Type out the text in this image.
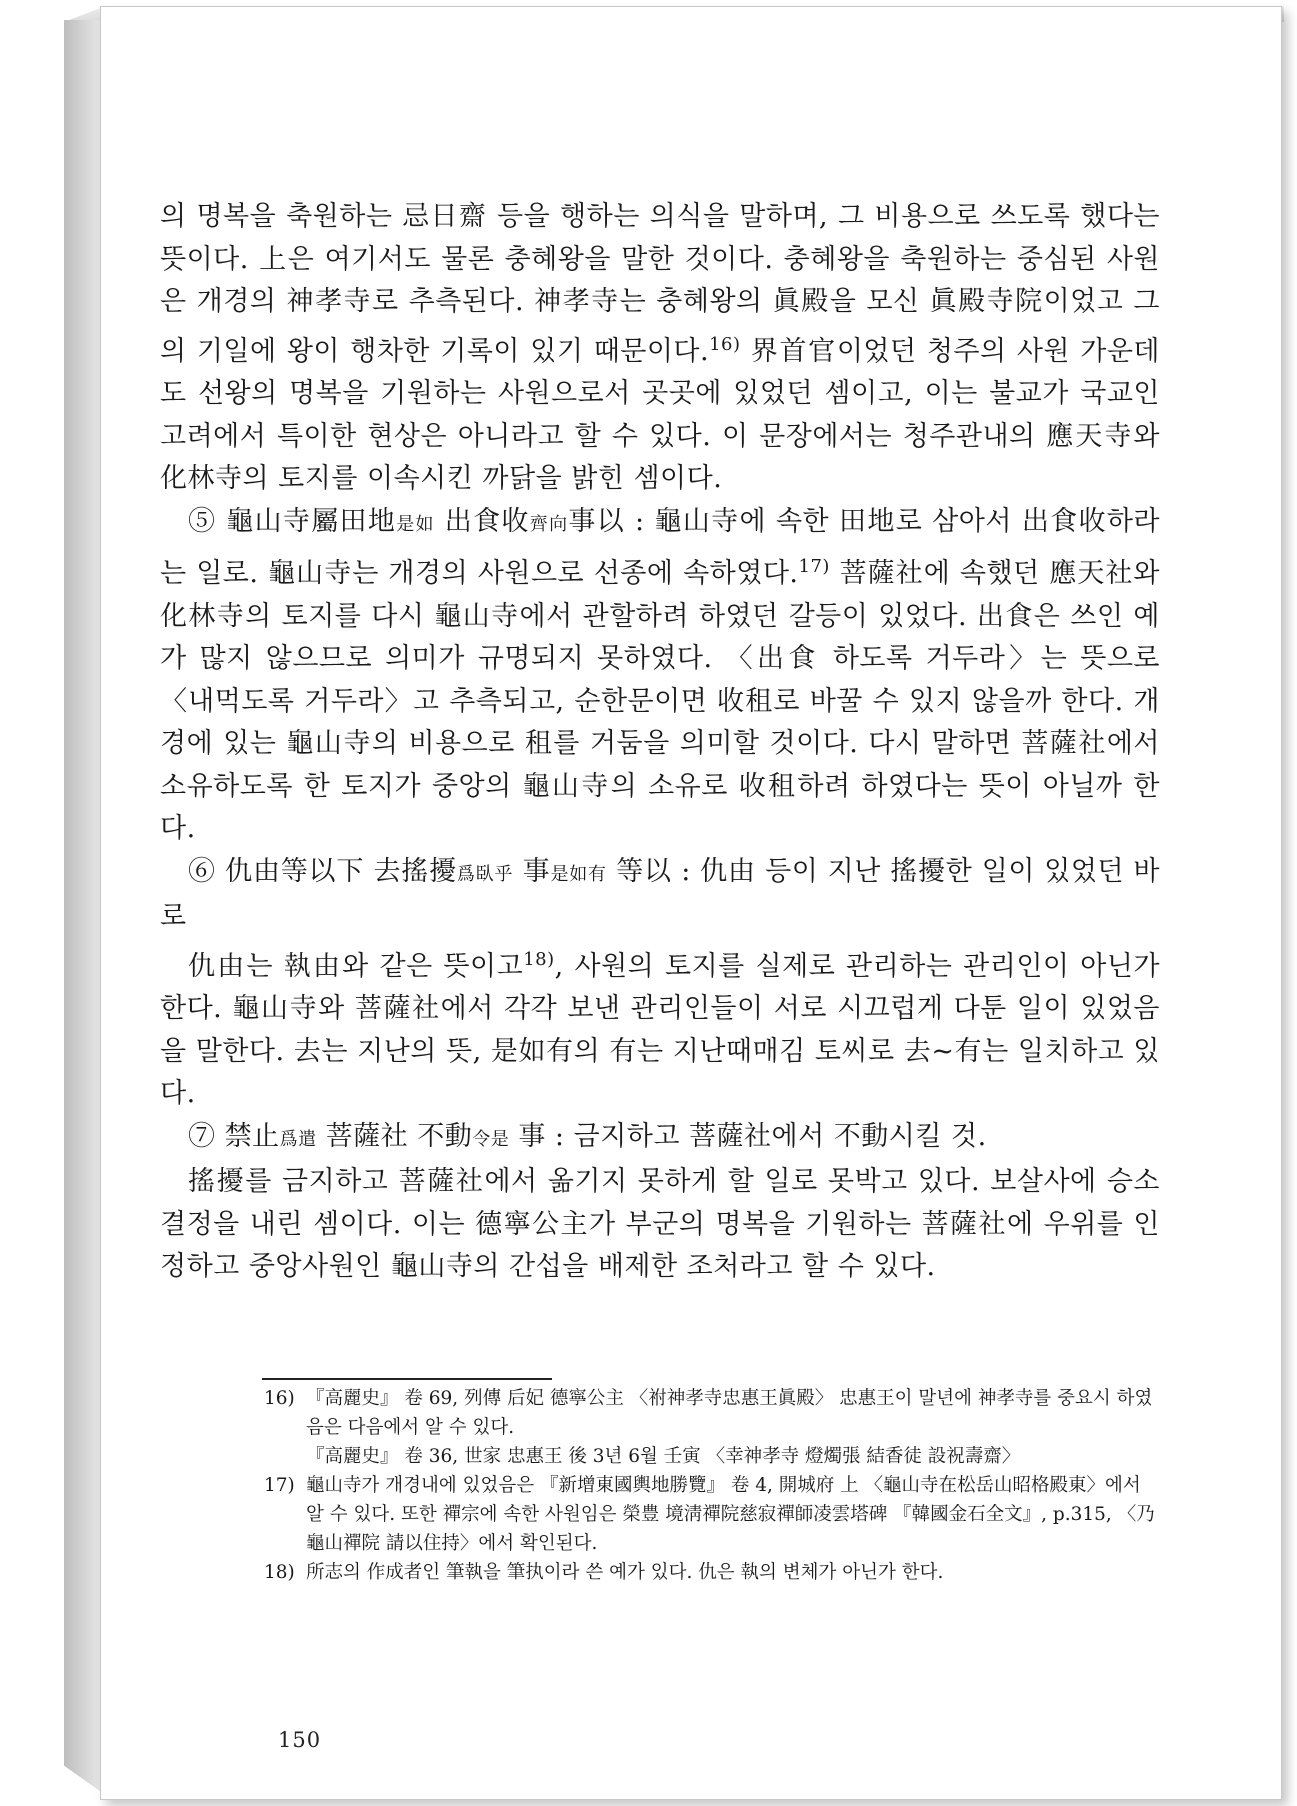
의 명복을 축원하는 忌日齋 등을 행하는 의식을 말하며, 그 비용으로 쓰도록 했다는 뜻이다. 上은 여기서도 물론 충혜왕을 말한 것이다. 충혜왕을 축원하는 중심된 사원은 개경의 神孝寺로 추측된다. 神孝寺는 충혜왕의 眞殿을 모신 眞殿寺院이었고 그의 기일에 왕이 행차한 기록이 있기 때문이다.$^{16)}$ 界首官이었던 청주의 사원 가운데도 선왕의 명복을 기원하는 사원으로서 곳곳에 있었던 셈이고, 이는 불교가 국교인 고려에서 특이한 현상은 아니라고 할 수 있다. 이 문장에서는 청주관내의 應天寺와 化林寺의 토지를 이속시킨 까닭을 밝힌 셈이다.

⑤ 龜山寺屬田地是如 出食收齊向事以 : 龜山寺에 속한 田地로 삼아서 出食收하라는 일로. 龜山寺는 개경의 사원으로 선종에 속하였다.$^{17)}$ 菩薩社에 속했던 應天社와 化林寺의 토지를 다시 龜山寺에서 관할하려 하였던 갈등이 있었다. 出食은 쓰인 예가 많지 않으므로 의미가 규명되지 못하였다. 〈出食 하도록 거두라〉는 뜻으로 〈내먹도록 거두라〉고 추측되고, 순한문이면 收租로 바꿀 수 있지 않을까 한다. 개경에 있는 龜山寺의 비용으로 租를 거둠을 의미할 것이다. 다시 말하면 菩薩社에서 소유하도록 한 토지가 중앙의 龜山寺의 소유로 收租하려 하였다는 뜻이 아닐까 한다.

⑥ 仇由等以下 去搖擾爲臥乎 事是如有 等以 : 仇由 등이 지난 搖擾한 일이 있었던 바로

仇由는 執由와 같은 뜻이고$^{18)}$, 사원의 토지를 실제로 관리하는 관리인이 아닌가 한다. 龜山寺와 菩薩社에서 각각 보낸 관리인들이 서로 시끄럽게 다툰 일이 있었음을 말한다. 去는 지난의 뜻, 是如有의 有는 지난때매김 토씨로 去~有는 일치하고 있다.

⑦ 禁止爲遣 菩薩社 不動令是 事 : 금지하고 菩薩社에서 不動시킬 것.

搖擾를 금지하고 菩薩社에서 옮기지 못하게 할 일로 못박고 있다. 보살사에 승소결정을 내린 셈이다. 이는 德寧公主가 부군의 명복을 기원하는 菩薩社에 우위를 인정하고 중앙사원인 龜山寺의 간섭을 배제한 조처라고 할 수 있다.

16) 『高麗史』 卷 69, 列傳 后妃 德寧公主 〈祔神孝寺忠惠王眞殿〉 忠惠王이 말년에 神孝寺를 중요시 하였음은 다음에서 알 수 있다.
『高麗史』 卷 36, 世家 忠惠王 後 3년 6월 壬寅 〈幸神孝寺 燈燭張 結香徒 設祝壽齋〉
17) 龜山寺가 개경내에 있었음은 『新增東國輿地勝覽』 卷 4, 開城府 上 〈龜山寺在松岳山昭格殿東〉에서 알 수 있다. 또한 禪宗에 속한 사원임은 榮豊 境淸禪院慈寂禪師凌雲塔碑 『韓國金石全文』, p.315, 〈乃龜山禪院 請以住持〉에서 확인된다.
18) 所志의 作成者인 筆執을 筆执이라 쓴 예가 있다. 仇은 執의 변체가 아닌가 한다.
150
